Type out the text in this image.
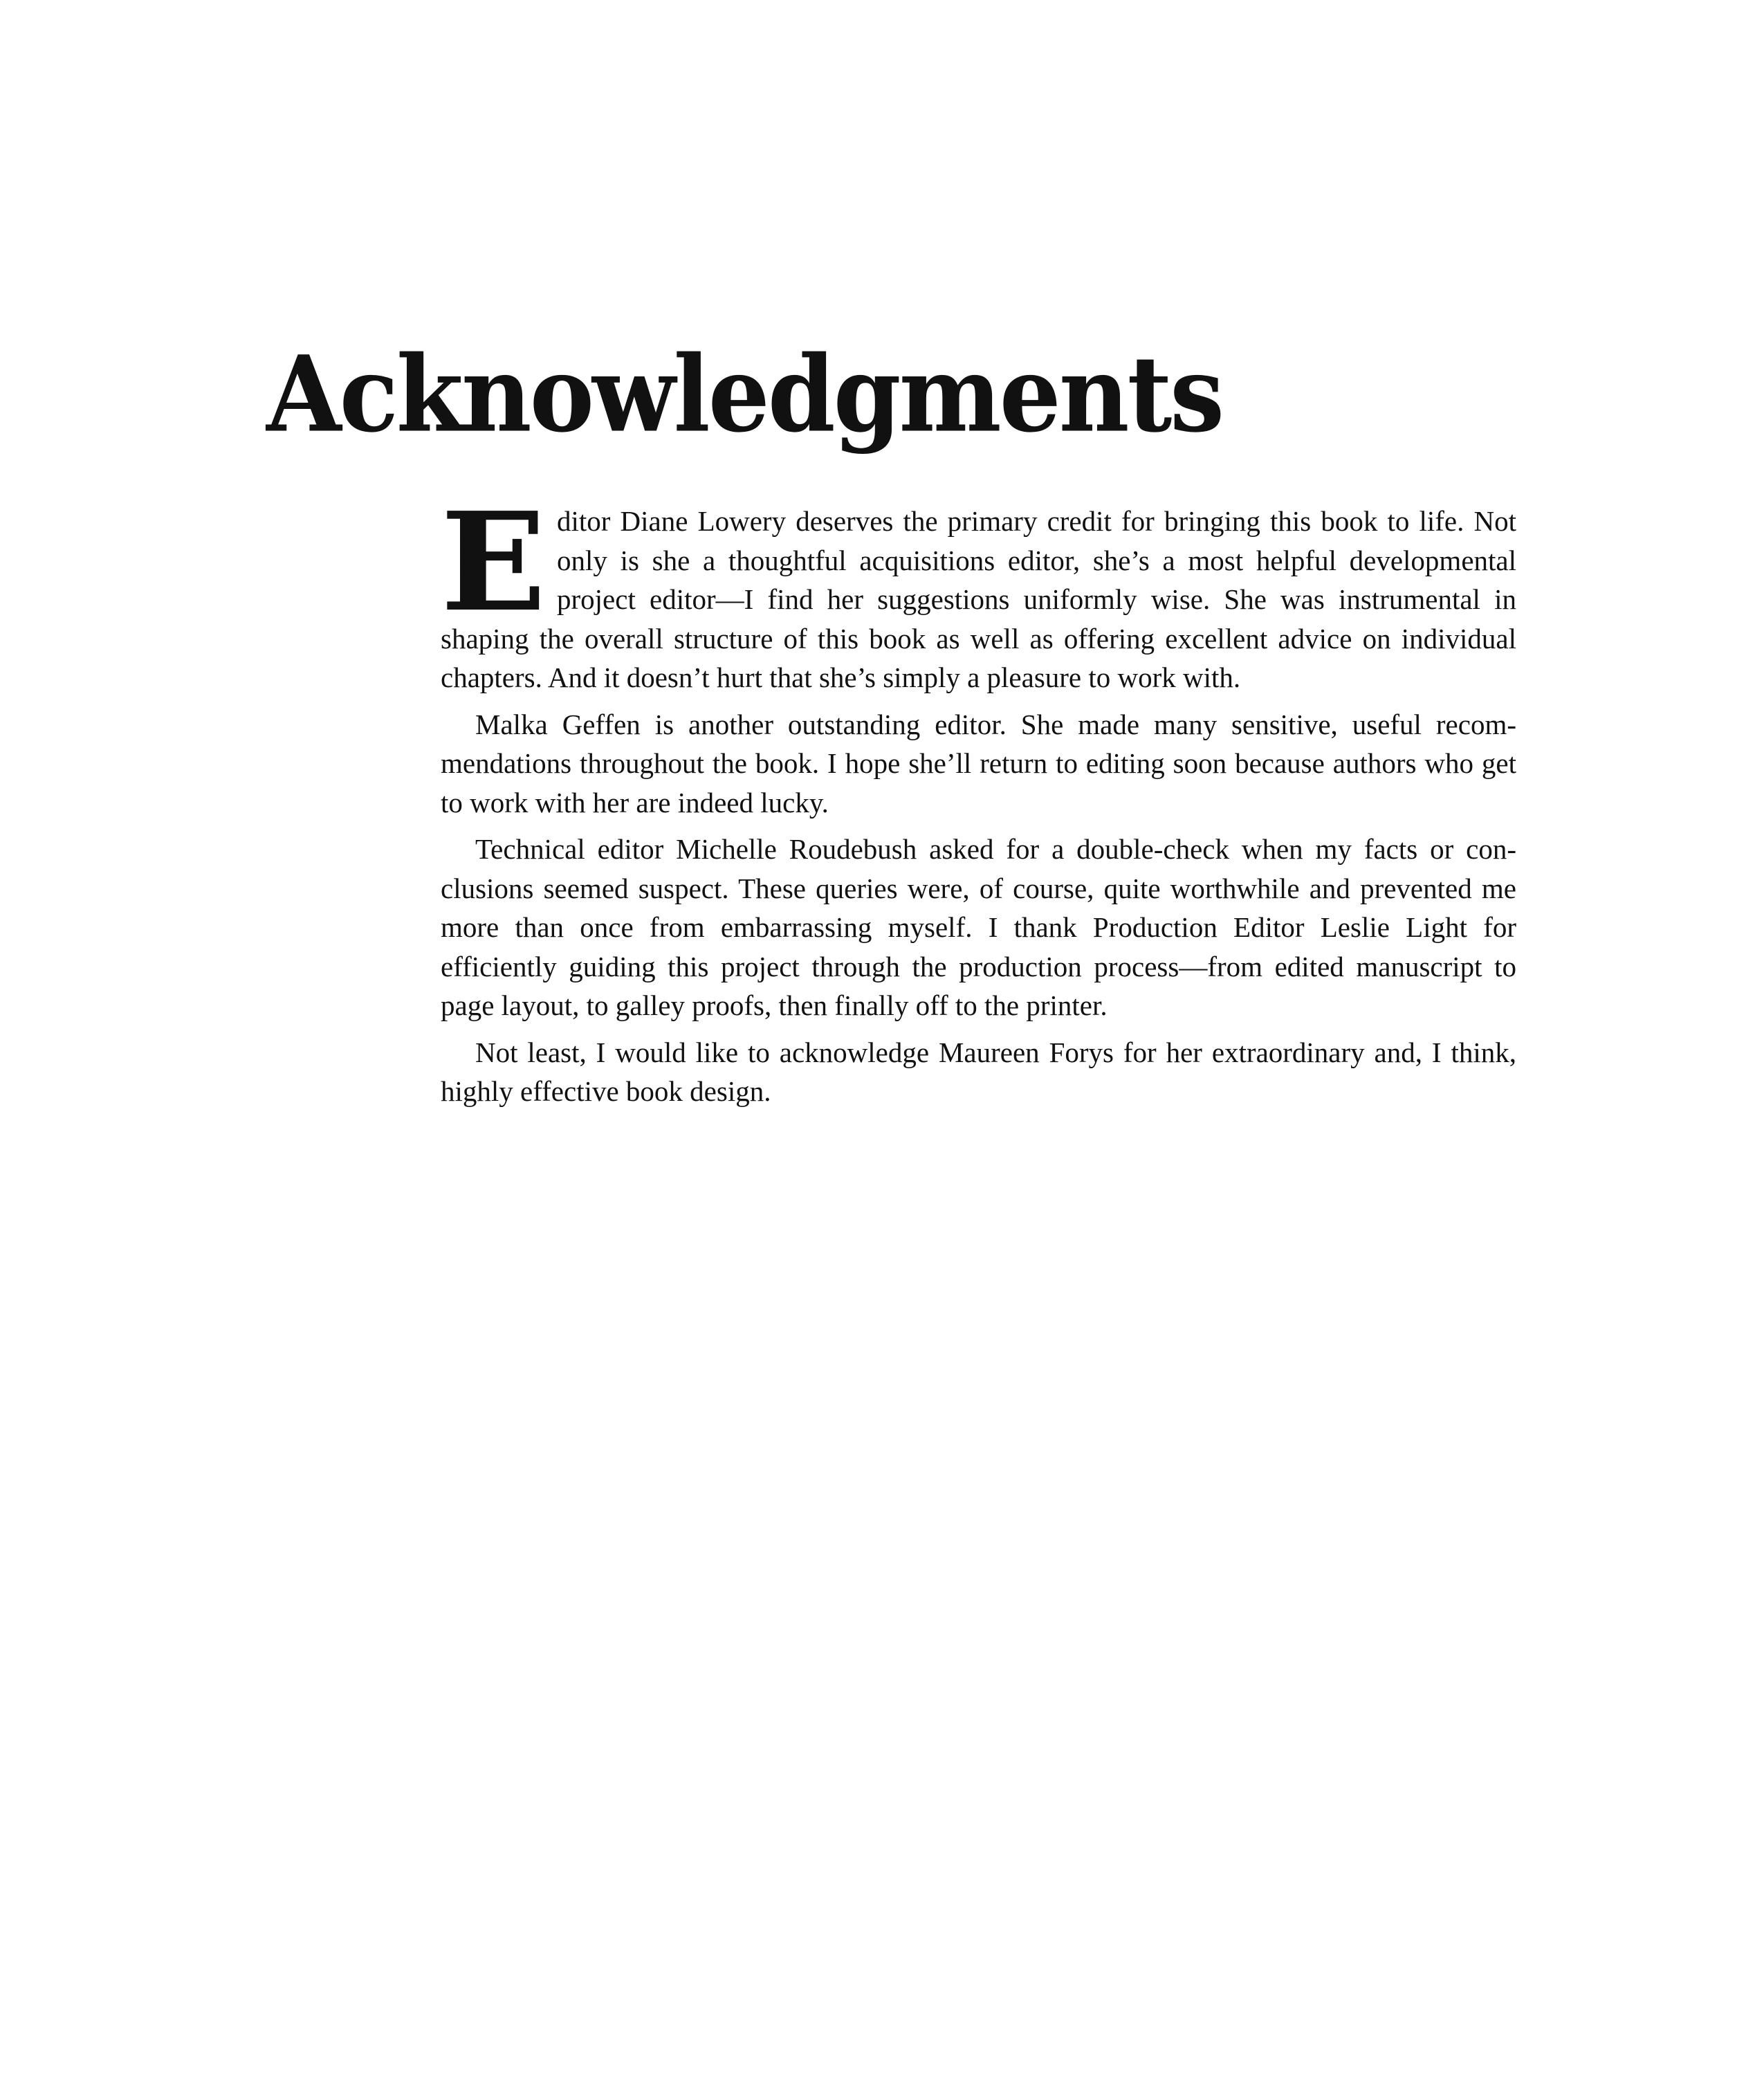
Acknowledgments

E ditor Diane Lowery deserves the primary credit for bringing this book to life. Not only is she a thoughtful acquisitions editor, she’s a most helpful developmental project editor—I find her suggestions uniformly wise. She was instrumental in shaping the overall structure of this book as well as offering excellent advice on individual chapters. And it doesn’t hurt that she’s simply a pleasure to work with.

Malka Geffen is another outstanding editor. She made many sensitive, useful recommendations throughout the book. I hope she’ll return to editing soon because authors who get to work with her are indeed lucky.

Technical editor Michelle Roudebush asked for a double-check when my facts or conclusions seemed suspect. These queries were, of course, quite worthwhile and prevented me more than once from embarrassing myself. I thank Production Editor Leslie Light for efficiently guiding this project through the production process—from edited manuscript to page layout, to galley proofs, then finally off to the printer.

Not least, I would like to acknowledge Maureen Forys for her extraordinary and, I think, highly effective book design.
